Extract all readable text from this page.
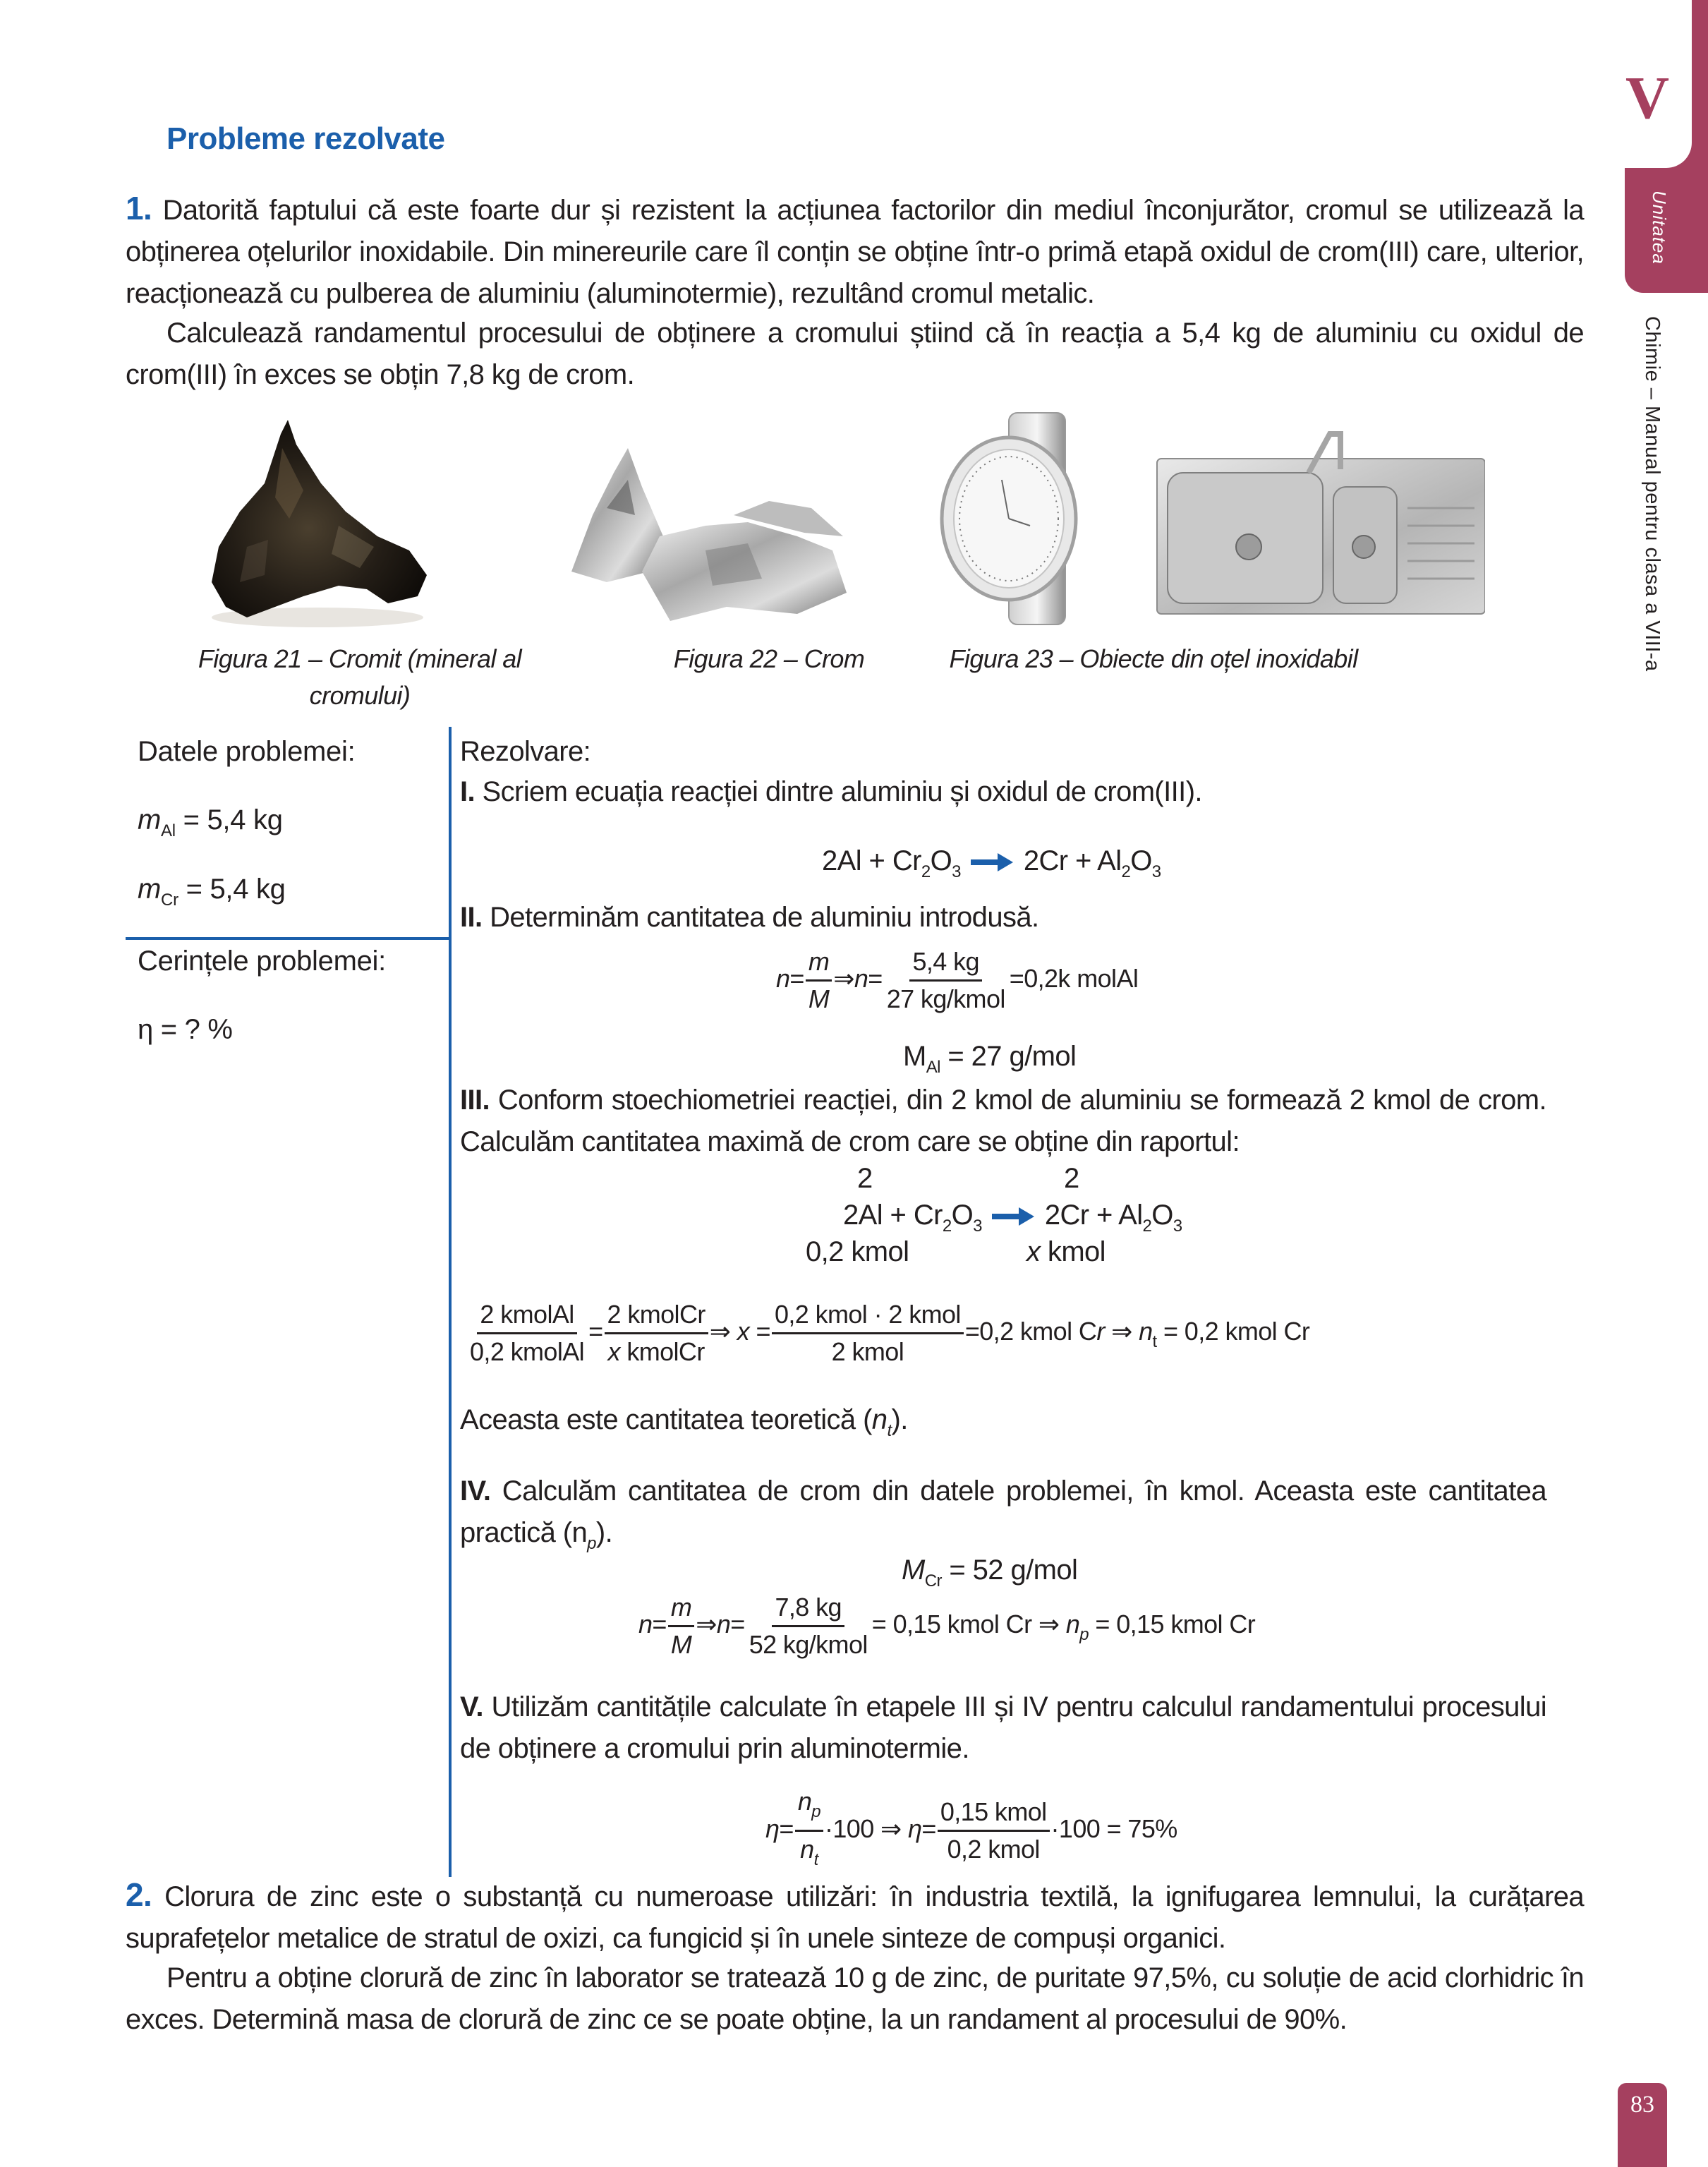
V
Unitatea
Chimie – Manual pentru clasa a VIII-a
83
Probleme rezolvate
1. Datorită faptului că este foarte dur și rezistent la acțiunea factorilor din mediul înconjurător, cromul se utilizează la obținerea oțelurilor inoxidabile. Din minereurile care îl conțin se obține într-o primă etapă oxidul de crom(III) care, ulterior, reacționează cu pulberea de aluminiu (aluminotermie), rezultând cromul metalic.
Calculează randamentul procesului de obținere a cromului știind că în reacția a 5,4 kg de aluminiu cu oxidul de crom(III) în exces se obțin 7,8 kg de crom.
Figura 21 – Cromit (mineral al cromului)
Figura 22 – Crom	Figura 23 – Obiecte din oțel inoxidabil
Datele problemei:
$m_{Al} = 5,4$ kg
$m_{Cr} = 5,4$ kg
Cerințele problemei:
η = ? %
Rezolvare:
I. Scriem ecuația reacției dintre aluminiu și oxidul de crom(III).
$2Al + Cr_2O_3 \to 2Cr + Al_2O_3$
II. Determinăm cantitatea de aluminiu introdusă.
$n= \frac{m}{M}$ ⇒n= $\frac{5,4 kg}{\text{27 kg/kmol}} =0,2k$ molAl
$M_{Al} = 27$ g/mol
III. Conform stoechiometriei reacției, din 2 kmol de aluminiu se formează 2 kmol de crom. Calculăm cantitatea maximă de crom care se obține din raportul:
2	2
$2Al + Cr_2O_3 \to 2Cr + Al_2O_3$
0,2 kmol	x kmol
$\frac{\text{2 kmolAl}}{\text{0,2 kmolAl}} = \frac{\text{2 kmolCr}}{\text{x kmolCr}}$ ⇒ $x = \frac{\text{0,2 kmol · 2 kmol}}{\text{2 kmol}} =0,2$ kmol Cr ⇒ $n_t = 0,2$ kmol Cr
Aceasta este cantitatea teoretică $(n_t)$.
IV. Calculăm cantitatea de crom din datele problemei, în kmol. Aceasta este cantitatea practică $(n_p)$.
$M_{Cr} = 52$ g/mol
$n= \frac{m}{M}$ ⇒n= $\frac{7,8 kg}{\text{52 kg/kmol}} = 0,15$ kmol Cr ⇒ $n_p = 0,15$ kmol Cr
V. Utilizăm cantitățile calculate în etapele III și IV pentru calculul randamentului procesului de obținere a cromului prin aluminotermie.
$\eta= \frac{n_p}{n_t} \cdot 100$ ⇒ $\eta= \frac{\text{0,15 kmol}}{\text{0,2 kmol}} \cdot 100 = 75\%$
2. Clorura de zinc este o substanță cu numeroase utilizări: în industria textilă, la ignifugarea lemnului, la curățarea suprafețelor metalice de stratul de oxizi, ca fungicid și în unele sinteze de compuși organici.
Pentru a obține clorură de zinc în laborator se tratează 10 g de zinc, de puritate 97,5%, cu soluție de acid clorhidric în exces. Determină masa de clorură de zinc ce se poate obține, la un randament al procesului de 90%.
